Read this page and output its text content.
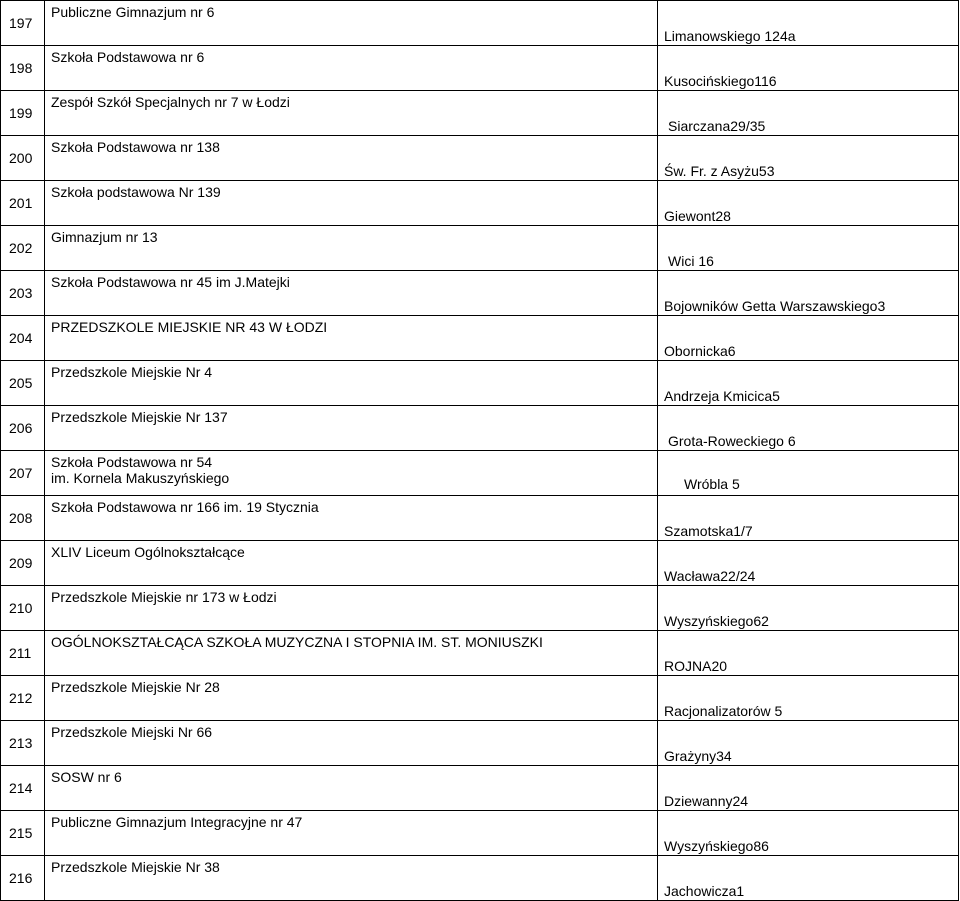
197	Publiczne Gimnazjum nr 6	Limanowskiego 124a

198	Szkoła Podstawowa nr 6	Kusocińskiego116

199	Zespół Szkół Specjalnych nr 7 w Łodzi	Siarczana29/35

200	Szkoła Podstawowa nr 138	Św. Fr. z Asyżu53

201	Szkoła podstawowa Nr 139	Giewont28

202	Gimnazjum nr 13	Wici 16

203	Szkoła Podstawowa nr 45 im J.Matejki	Bojowników Getta Warszawskiego3

204	PRZEDSZKOLE MIEJSKIE NR 43 W ŁODZI	Obornicka6

205	Przedszkole Miejskie Nr 4	Andrzeja Kmicica5

206	Przedszkole Miejskie Nr 137	Grota-Roweckiego 6

207	Szkoła Podstawowa nr 54
im. Kornela Makuszyńskiego	Wróbla 5

208	Szkoła Podstawowa nr 166 im. 19 Stycznia	Szamotska1/7

209	XLIV Liceum Ogólnokształcące	Wacława22/24

210	Przedszkole Miejskie nr 173 w Łodzi	Wyszyńskiego62

211	OGÓLNOKSZTAŁCĄCA SZKOŁA MUZYCZNA I STOPNIA IM. ST. MONIUSZKI	ROJNA20

212	Przedszkole Miejskie Nr 28	Racjonalizatorów 5

213	Przedszkole Miejski Nr 66	Grażyny34

214	SOSW nr 6	Dziewanny24

215	Publiczne Gimnazjum Integracyjne nr 47	Wyszyńskiego86

216	Przedszkole Miejskie Nr 38	Jachowicza1
